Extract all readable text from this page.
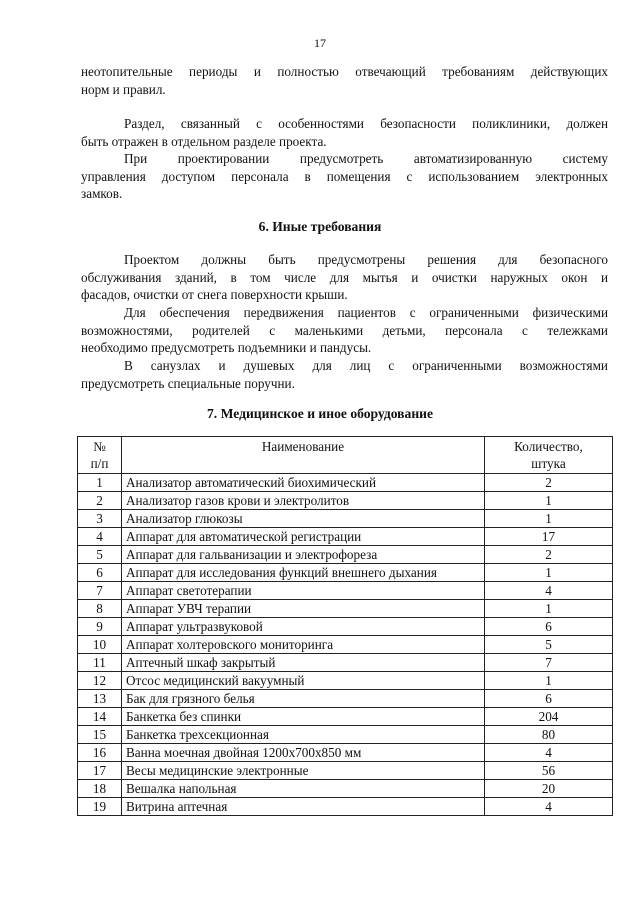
17

неотопительные периоды и полностью отвечающий требованиям действующих
норм и правил.

Раздел, связанный с особенностями безопасности поликлиники, должен
быть отражен в отдельном разделе проекта.

При проектировании предусмотреть автоматизированную систему
управления доступом персонала в помещения с использованием электронных
замков.

6. Иные требования

Проектом должны быть предусмотрены решения для безопасного
обслуживания зданий, в том числе для мытья и очистки наружных окон и
фасадов, очистки от снега поверхности крыши.

Для обеспечения передвижения пациентов с ограниченными физическими
возможностями, родителей с маленькими детьми, персонала с тележками
необходимо предусмотреть подъемники и пандусы.

В санузлах и душевых для лиц с ограниченными возможностями
предусмотреть специальные поручни.

7. Медицинское и иное оборудование
№
п/п	Наименование	Количество,
штука

1	Анализатор автоматический биохимический	2
2	Анализатор газов крови и электролитов	1
3	Анализатор глюкозы	1
4	Аппарат для автоматической регистрации	17
5	Аппарат для гальванизации и электрофореза	2
6	Аппарат для исследования функций внешнего дыхания	1
7	Аппарат светотерапии	4
8	Аппарат УВЧ терапии	1
9	Аппарат ультразвуковой	6
10	Аппарат холтеровского мониторинга	5
11	Аптечный шкаф закрытый	7
12	Отсос медицинский вакуумный	1
13	Бак для грязного белья	6
14	Банкетка без спинки	204
15	Банкетка трехсекционная	80
16	Ванна моечная двойная 1200x700x850 мм	4
17	Весы медицинские электронные	56
18	Вешалка напольная	20
19	Витрина аптечная	4
